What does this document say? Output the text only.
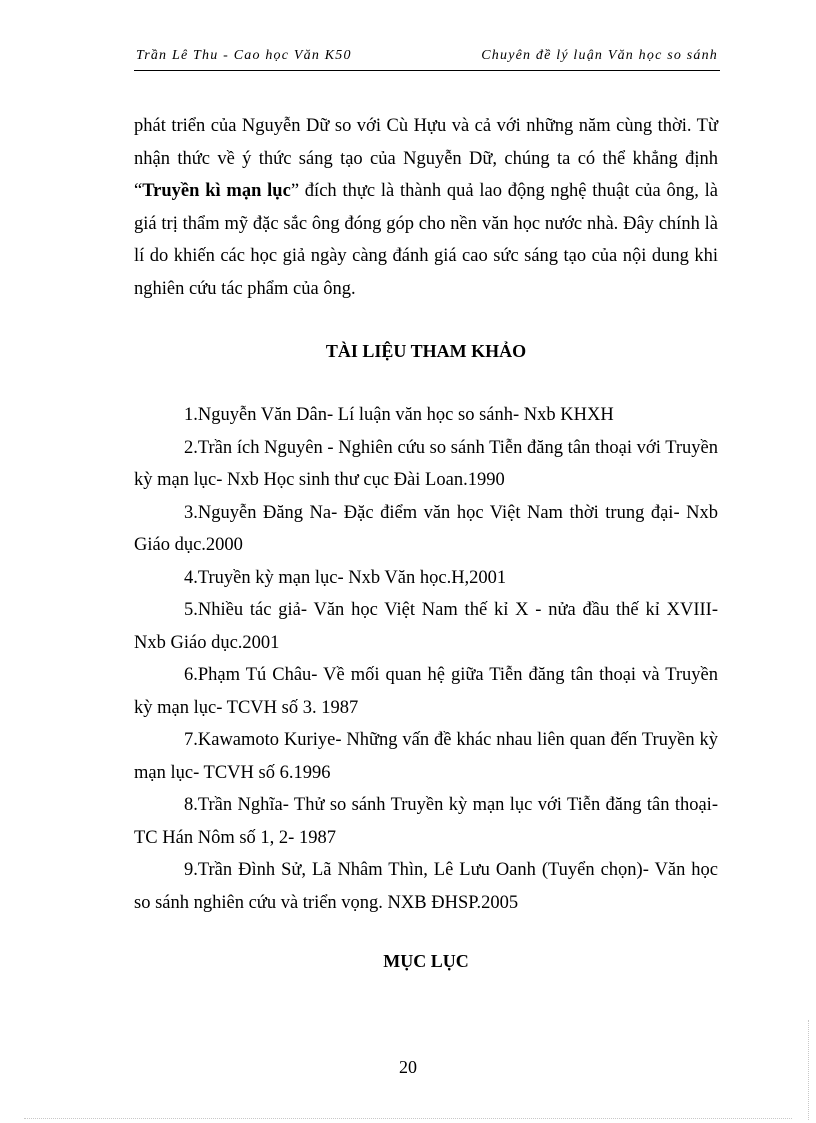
Trần Lê Thu - Cao học Văn K50	Chuyên đề lý luận Văn học so sánh
phát triển của Nguyễn Dữ so với Cù Hựu và cả với những năm cùng thời. Từ nhận thức về ý thức sáng tạo của Nguyễn Dữ, chúng ta có thể khẳng định “Truyền kì mạn lục” đích thực là thành quả lao động nghệ thuật của ông, là giá trị thẩm mỹ đặc sắc ông đóng góp cho nền văn học nước nhà. Đây chính là lí do khiến các học giả ngày càng đánh giá cao sức sáng tạo của nội dung khi nghiên cứu tác phẩm của ông.
TÀI LIỆU THAM KHẢO
1.Nguyễn Văn Dân- Lí luận văn học so sánh- Nxb KHXH
2.Trần ích Nguyên - Nghiên cứu so sánh Tiễn đăng tân thoại với Truyền kỳ mạn lục- Nxb Học sinh thư cục Đài Loan.1990
3.Nguyễn Đăng Na- Đặc điểm văn học Việt Nam thời trung đại- Nxb Giáo dục.2000
4.Truyền kỳ mạn lục- Nxb Văn học.H,2001
5.Nhiều tác giả- Văn học Việt Nam thế kỉ X - nửa đầu thế kỉ XVIII- Nxb Giáo dục.2001
6.Phạm Tú Châu- Về mối quan hệ giữa Tiễn đăng tân thoại và Truyền kỳ mạn lục- TCVH số 3. 1987
7.Kawamoto Kuriye- Những vấn đề khác nhau liên quan đến Truyền kỳ mạn lục- TCVH số 6.1996
8.Trần Nghĩa- Thử so sánh Truyền kỳ mạn lục với Tiễn đăng tân thoại- TC Hán Nôm số 1, 2- 1987
9.Trần Đình Sử, Lã Nhâm Thìn, Lê Lưu Oanh (Tuyển chọn)- Văn học so sánh nghiên cứu và triển vọng. NXB ĐHSP.2005
MỤC LỤC
20
